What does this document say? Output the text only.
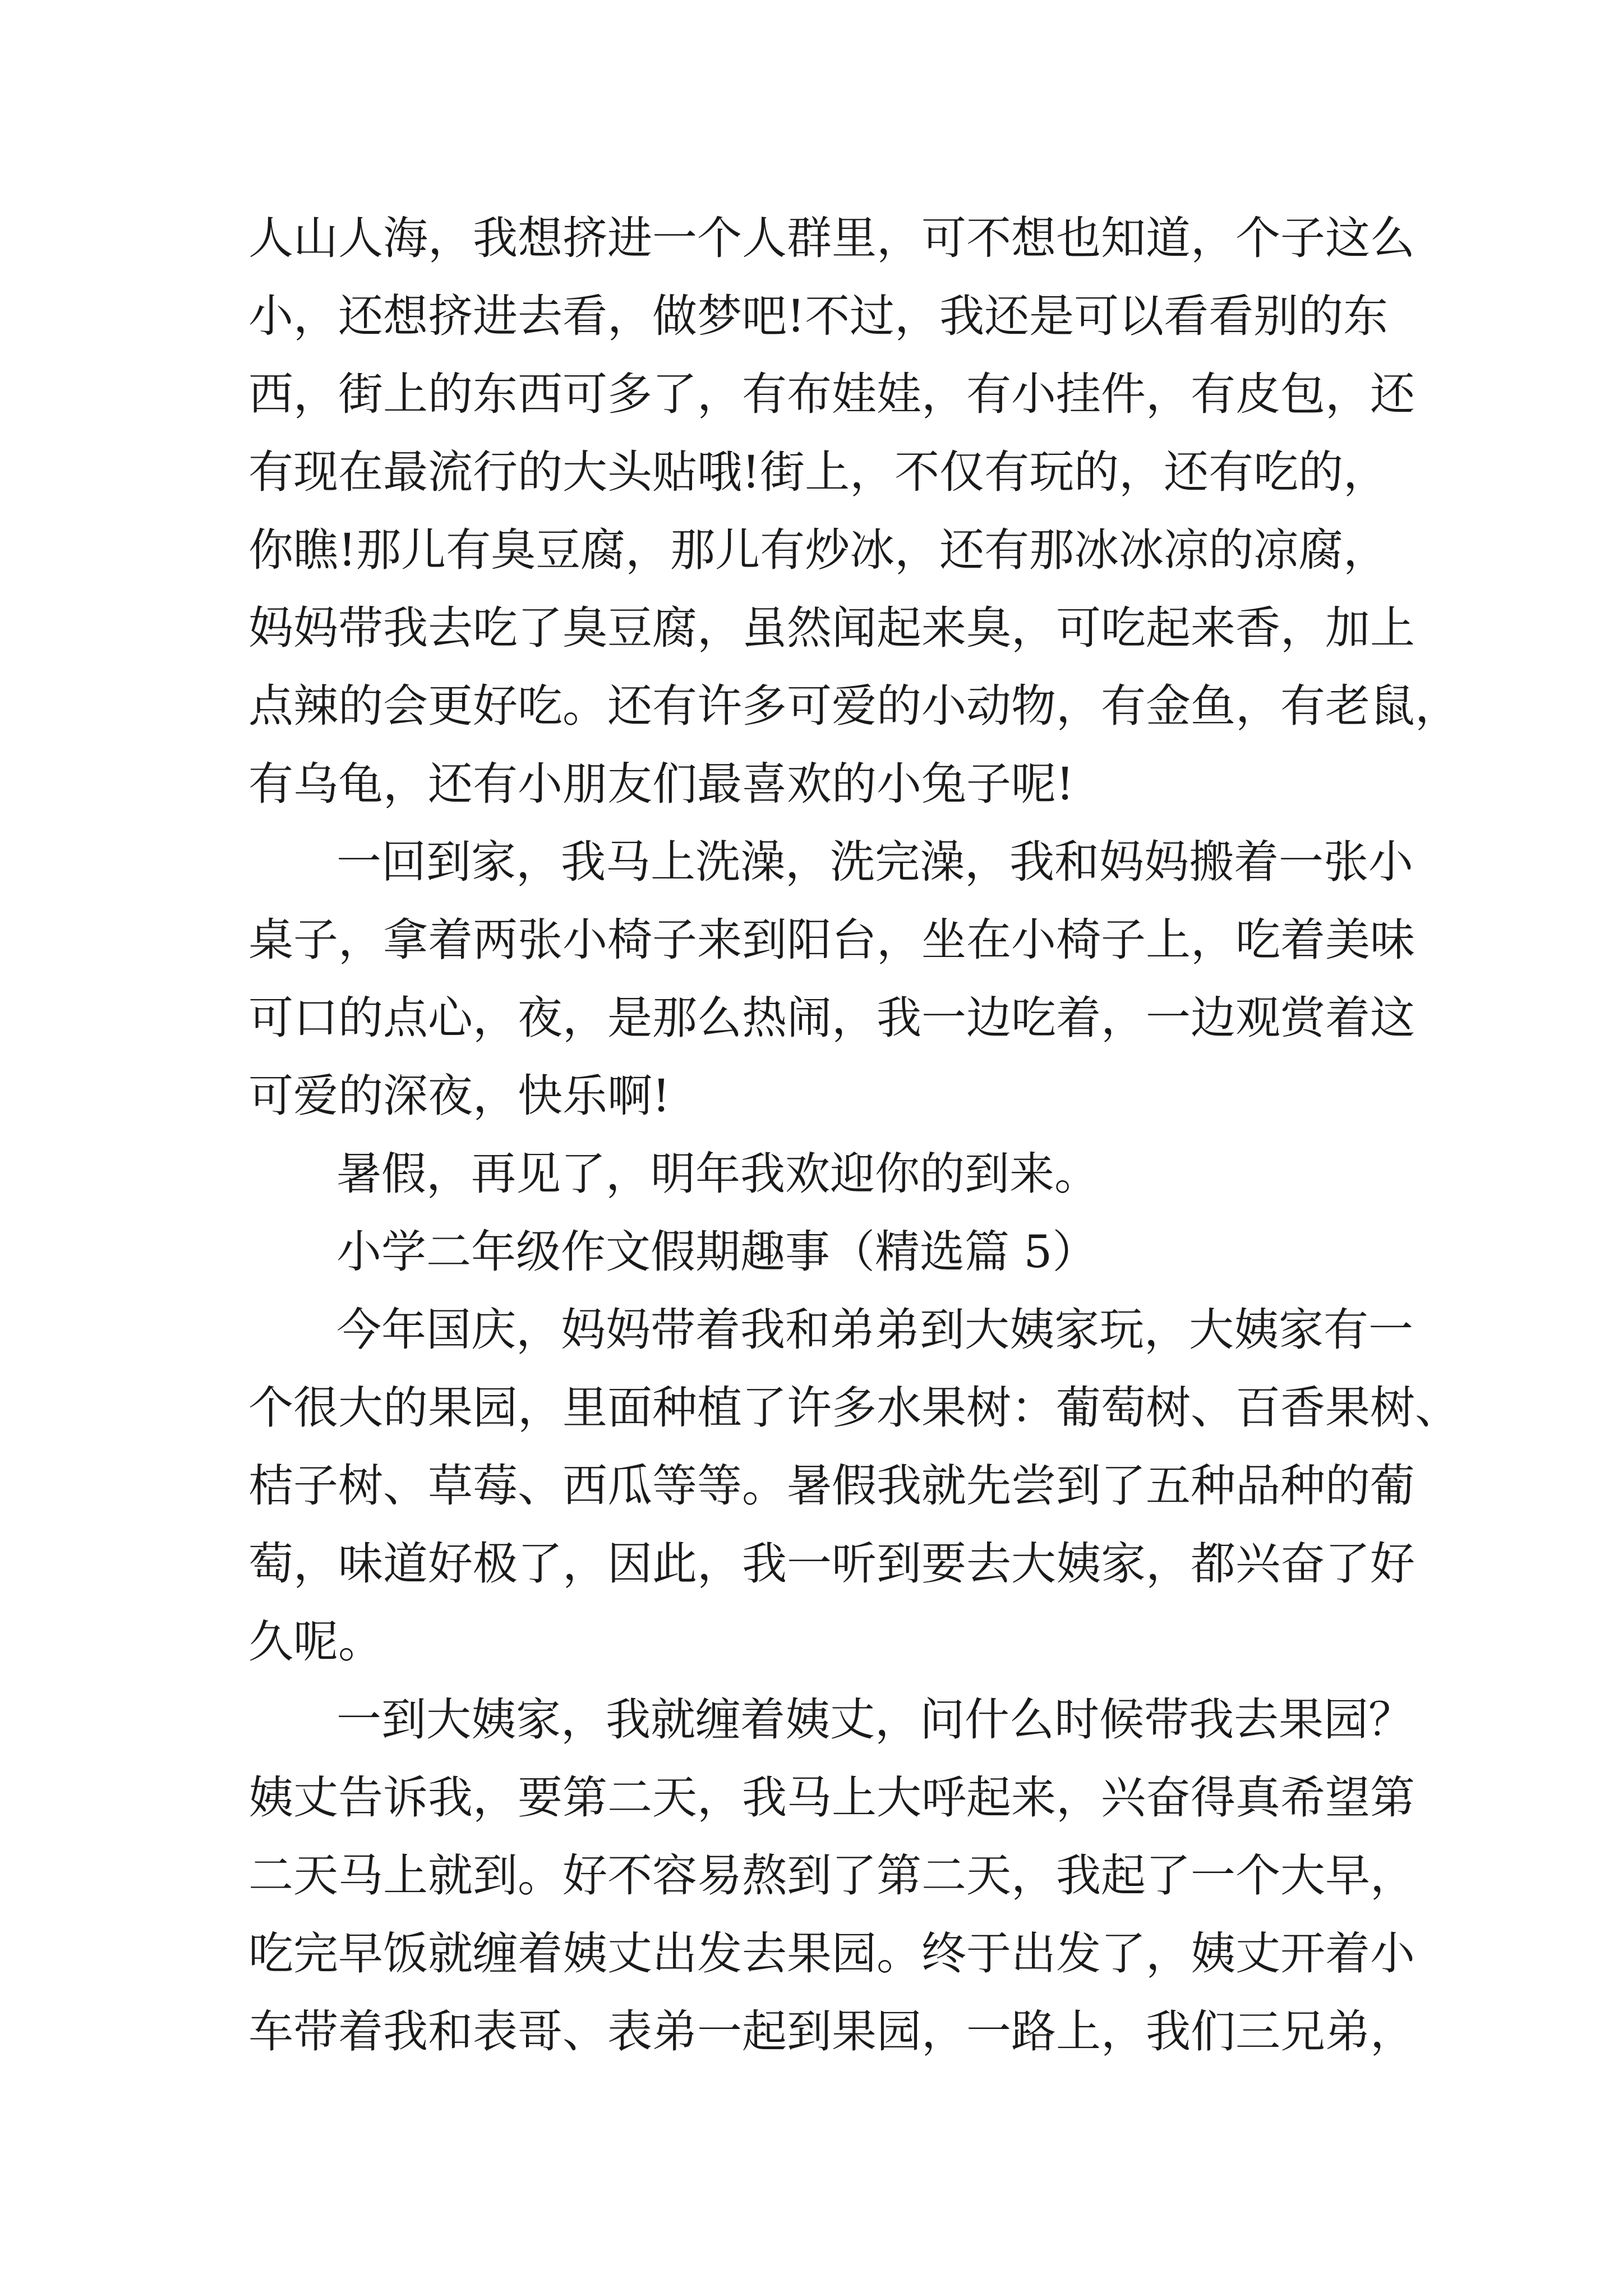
人山人海，我想挤进一个人群里，可不想也知道，个子这么
小，还想挤进去看，做梦吧!不过，我还是可以看看别的东
西，街上的东西可多了，有布娃娃，有小挂件，有皮包，还
有现在最流行的大头贴哦!街上，不仅有玩的，还有吃的，
你瞧!那儿有臭豆腐，那儿有炒冰，还有那冰冰凉的凉腐，
妈妈带我去吃了臭豆腐，虽然闻起来臭，可吃起来香，加上
点辣的会更好吃。还有许多可爱的小动物，有金鱼，有老鼠，
有乌龟，还有小朋友们最喜欢的小兔子呢!
一回到家，我马上洗澡，洗完澡，我和妈妈搬着一张小
桌子，拿着两张小椅子来到阳台，坐在小椅子上，吃着美味
可口的点心，夜，是那么热闹，我一边吃着，一边观赏着这
可爱的深夜，快乐啊!
暑假，再见了，明年我欢迎你的到来。
小学二年级作文假期趣事（精选篇 5）
今年国庆，妈妈带着我和弟弟到大姨家玩，大姨家有一
个很大的果园，里面种植了许多水果树：葡萄树、百香果树、
桔子树、草莓、西瓜等等。暑假我就先尝到了五种品种的葡
萄，味道好极了，因此，我一听到要去大姨家，都兴奋了好
久呢。
一到大姨家，我就缠着姨丈，问什么时候带我去果园？
姨丈告诉我，要第二天，我马上大呼起来，兴奋得真希望第
二天马上就到。好不容易熬到了第二天，我起了一个大早，
吃完早饭就缠着姨丈出发去果园。终于出发了，姨丈开着小
车带着我和表哥、表弟一起到果园，一路上，我们三兄弟，
